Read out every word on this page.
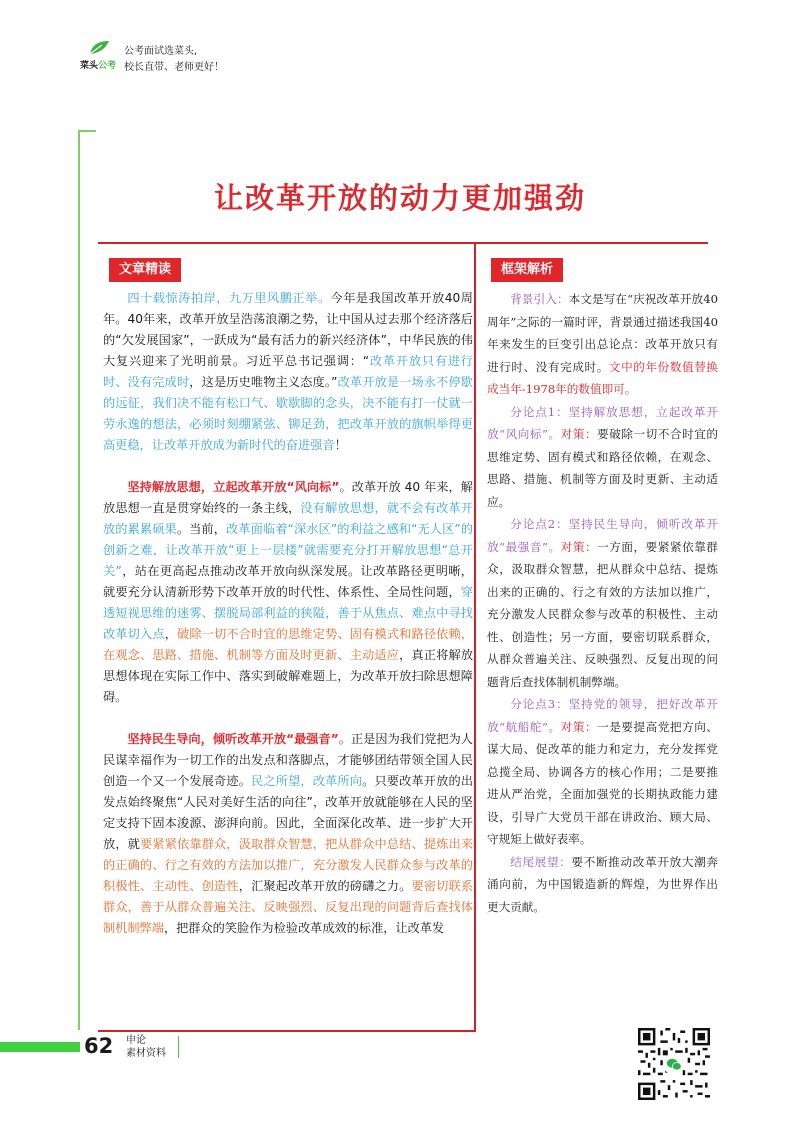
菜头公考
公考面试选菜头,
校长直带、老师更好！
让改革开放的动力更加强劲
文章精读	框架解析

四十载惊涛拍岸，九万里风鹏正举。今年是我国改革开放40周年。40年来，改革开放呈浩荡浪潮之势，让中国从过去那个经济落后的“欠发展国家”，一跃成为“最有活力的新兴经济体”，中华民族的伟大复兴迎来了光明前景。习近平总书记强调：“改革开放只有进行时、没有完成时，这是历史唯物主义态度。”改革开放是一场永不停歇的远征，我们决不能有松口气、歇歇脚的念头，决不能有打一仗就一劳永逸的想法，必须时刻绷紧弦、铆足劲，把改革开放的旗帜举得更高更稳，让改革开放成为新时代的奋进强音！

坚持解放思想，立起改革开放“风向标”。改革开放 40 年来，解放思想一直是贯穿始终的一条主线，没有解放思想，就不会有改革开放的累累硕果。当前，改革面临着“深水区”的利益之感和“无人区”的创新之难，让改革开放“更上一层楼”就需要充分打开解放思想“总开关”，站在更高起点推动改革开放向纵深发展。让改革路径更明晰，就要充分认清新形势下改革开放的时代性、体系性、全局性问题，穿透短视思维的迷雾、摆脱局部利益的狭隘，善于从焦点、难点中寻找改革切入点，破除一切不合时宜的思维定势、固有模式和路径依赖，在观念、思路、措施、机制等方面及时更新、主动适应，真正将解放思想体现在实际工作中、落实到破解难题上，为改革开放扫除思想障碍。

坚持民生导向，倾听改革开放“最强音”。正是因为我们党把为人民谋幸福作为一切工作的出发点和落脚点，才能够团结带领全国人民创造一个又一个发展奇迹。民之所望，改革所向。只要改革开放的出发点始终聚焦“人民对美好生活的向往”，改革开放就能够在人民的坚定支持下固本浚源、澎湃向前。因此，全面深化改革、进一步扩大开放，就要紧紧依靠群众，汲取群众智慧，把从群众中总结、提炼出来的正确的、行之有效的方法加以推广，充分激发人民群众参与改革的积极性、主动性、创造性，汇聚起改革开放的磅礴之力。要密切联系群众，善于从群众普遍关注、反映强烈、反复出现的问题背后查找体制机制弊端，把群众的笑脸作为检验改革成效的标准，让改革发

背景引入：本文是写在“庆祝改革开放40周年”之际的一篇时评，背景通过描述我国40年来发生的巨变引出总论点：改革开放只有进行时、没有完成时。文中的年份数值替换成当年-1978年的数值即可。

分论点1：坚持解放思想，立起改革开放“风向标”。对策：要破除一切不合时宜的思维定势、固有模式和路径依赖，在观念、思路、措施、机制等方面及时更新、主动适应。

分论点2：坚持民生导向，倾听改革开放“最强音”。对策：一方面，要紧紧依靠群众，汲取群众智慧，把从群众中总结、提炼出来的正确的、行之有效的方法加以推广，充分激发人民群众参与改革的积极性、主动性、创造性；另一方面，要密切联系群众，从群众普遍关注、反映强烈、反复出现的问题背后查找体制机制弊端。

分论点3：坚持党的领导，把好改革开放“航船舵”。对策：一是要提高党把方向、谋大局、促改革的能力和定力，充分发挥党总揽全局、协调各方的核心作用；二是要推进从严治党，全面加强党的长期执政能力建设，引导广大党员干部在讲政治、顾大局、守规矩上做好表率。

结尾展望：要不断推动改革开放大潮奔涌向前，为中国锻造新的辉煌，为世界作出更大贡献。

62 申论
素材资料
